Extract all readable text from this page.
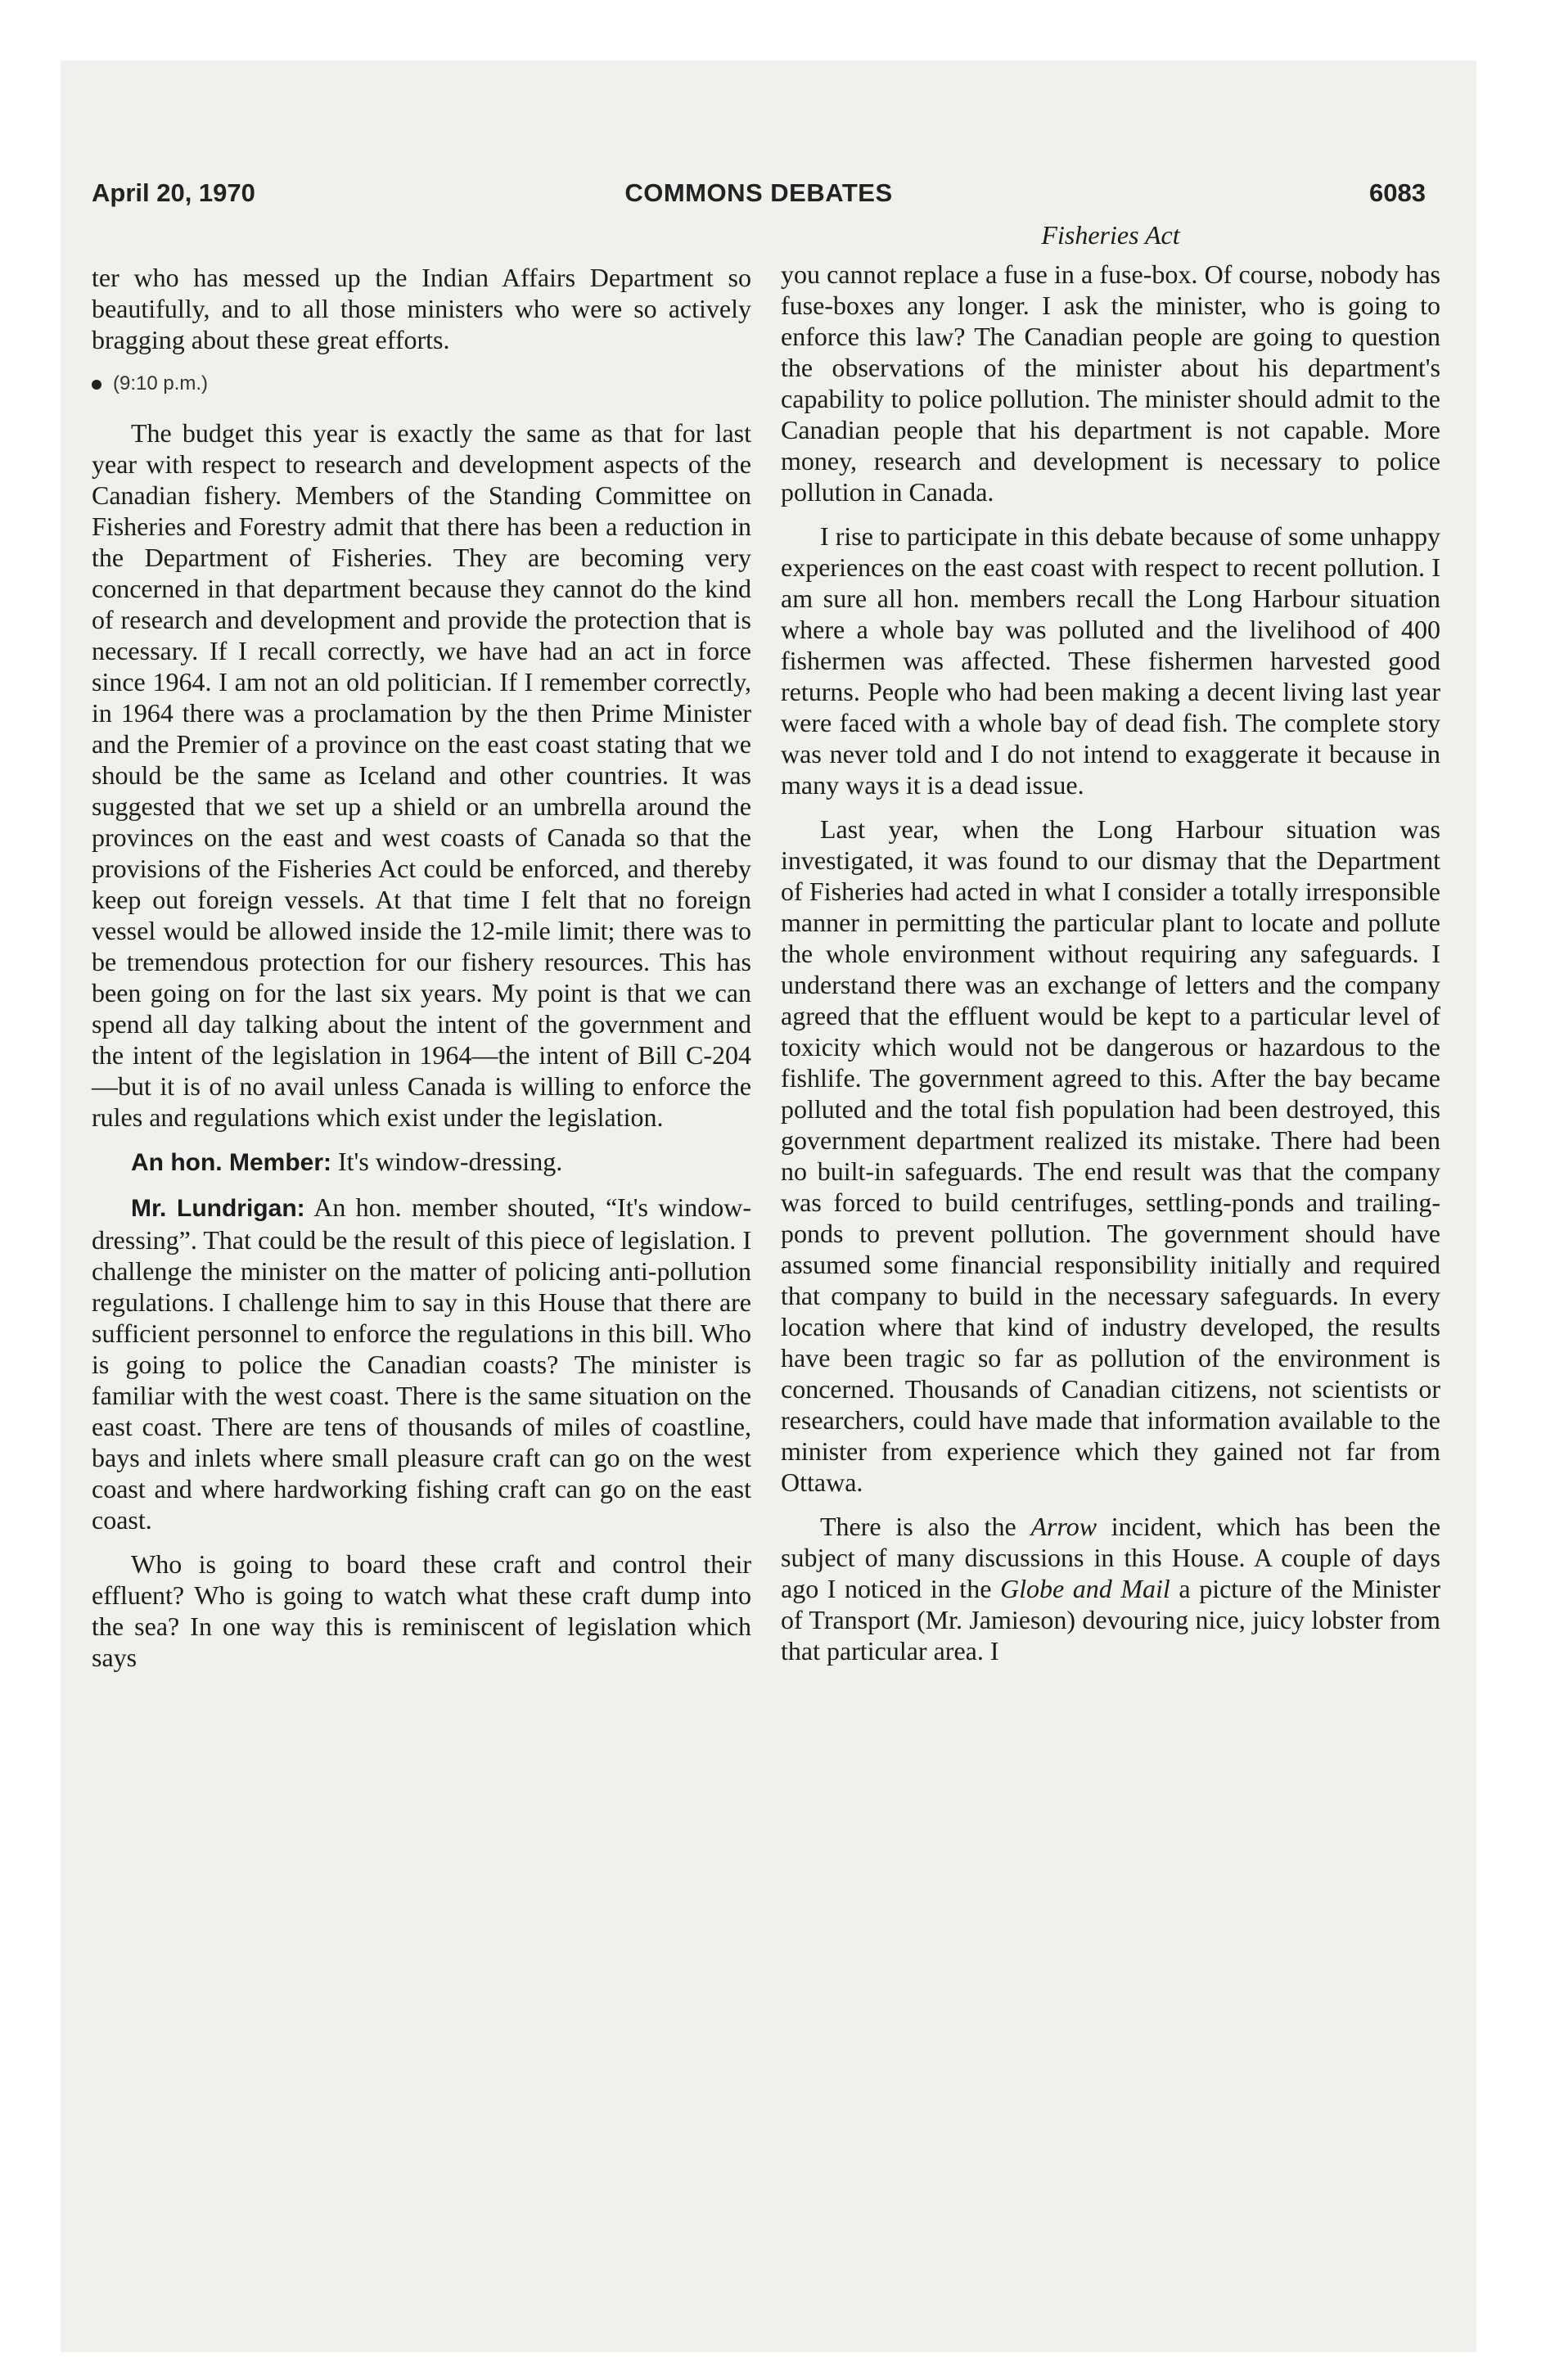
April 20, 1970	COMMONS DEBATES	6083

ter who has messed up the Indian Affairs Department so beautifully, and to all those ministers who were so actively bragging about these great efforts.

(9:10 p.m.)

The budget this year is exactly the same as that for last year with respect to research and development aspects of the Canadian fishery. Members of the Standing Committee on Fisheries and Forestry admit that there has been a reduction in the Department of Fisheries. They are becoming very concerned in that department because they cannot do the kind of research and development and provide the protection that is necessary. If I recall correctly, we have had an act in force since 1964. I am not an old politician. If I remember correctly, in 1964 there was a proclamation by the then Prime Minister and the Premier of a province on the east coast stating that we should be the same as Iceland and other countries. It was suggested that we set up a shield or an umbrella around the provinces on the east and west coasts of Canada so that the provisions of the Fisheries Act could be enforced, and thereby keep out foreign vessels. At that time I felt that no foreign vessel would be allowed inside the 12-mile limit; there was to be tremendous protection for our fishery resources. This has been going on for the last six years. My point is that we can spend all day talking about the intent of the government and the intent of the legislation in 1964—the intent of Bill C-204—but it is of no avail unless Canada is willing to enforce the rules and regulations which exist under the legislation.

An hon. Member: It's window-dressing.

Mr. Lundrigan: An hon. member shouted, “It's window-dressing”. That could be the result of this piece of legislation. I challenge the minister on the matter of policing anti-pollution regulations. I challenge him to say in this House that there are sufficient personnel to enforce the regulations in this bill. Who is going to police the Canadian coasts? The minister is familiar with the west coast. There is the same situation on the east coast. There are tens of thousands of miles of coastline, bays and inlets where small pleasure craft can go on the west coast and where hardworking fishing craft can go on the east coast.

Who is going to board these craft and control their effluent? Who is going to watch what these craft dump into the sea? In one way this is reminiscent of legislation which says

Fisheries Act

you cannot replace a fuse in a fuse-box. Of course, nobody has fuse-boxes any longer. I ask the minister, who is going to enforce this law? The Canadian people are going to question the observations of the minister about his department's capability to police pollution. The minister should admit to the Canadian people that his department is not capable. More money, research and development is necessary to police pollution in Canada.

I rise to participate in this debate because of some unhappy experiences on the east coast with respect to recent pollution. I am sure all hon. members recall the Long Harbour situation where a whole bay was polluted and the livelihood of 400 fishermen was affected. These fishermen harvested good returns. People who had been making a decent living last year were faced with a whole bay of dead fish. The complete story was never told and I do not intend to exaggerate it because in many ways it is a dead issue.

Last year, when the Long Harbour situation was investigated, it was found to our dismay that the Department of Fisheries had acted in what I consider a totally irresponsible manner in permitting the particular plant to locate and pollute the whole environment without requiring any safeguards. I understand there was an exchange of letters and the company agreed that the effluent would be kept to a particular level of toxicity which would not be dangerous or hazardous to the fishlife. The government agreed to this. After the bay became polluted and the total fish population had been destroyed, this government department realized its mistake. There had been no built-in safeguards. The end result was that the company was forced to build centrifuges, settling-ponds and trailing-ponds to prevent pollution. The government should have assumed some financial responsibility initially and required that company to build in the necessary safeguards. In every location where that kind of industry developed, the results have been tragic so far as pollution of the environment is concerned. Thousands of Canadian citizens, not scientists or researchers, could have made that information available to the minister from experience which they gained not far from Ottawa.

There is also the Arrow incident, which has been the subject of many discussions in this House. A couple of days ago I noticed in the Globe and Mail a picture of the Minister of Transport (Mr. Jamieson) devouring nice, juicy lobster from that particular area. I
